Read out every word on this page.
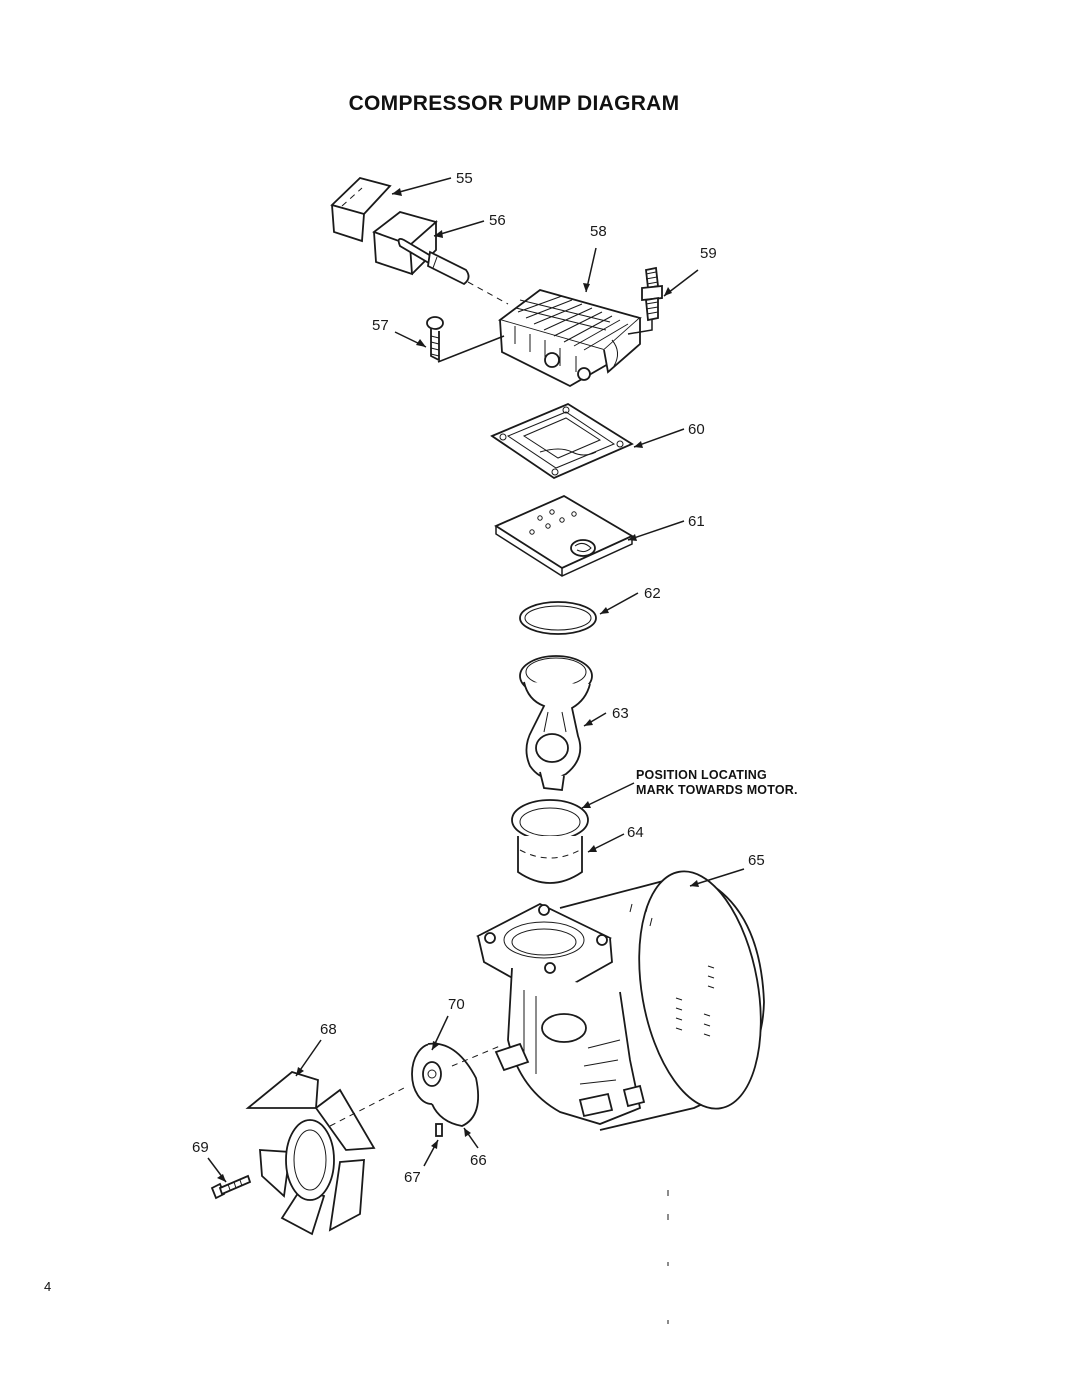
COMPRESSOR PUMP DIAGRAM
55
56
57
58
59
60
61
62
63
64
65
66
67
68
69
70
POSITION LOCATING
MARK TOWARDS MOTOR.
4
